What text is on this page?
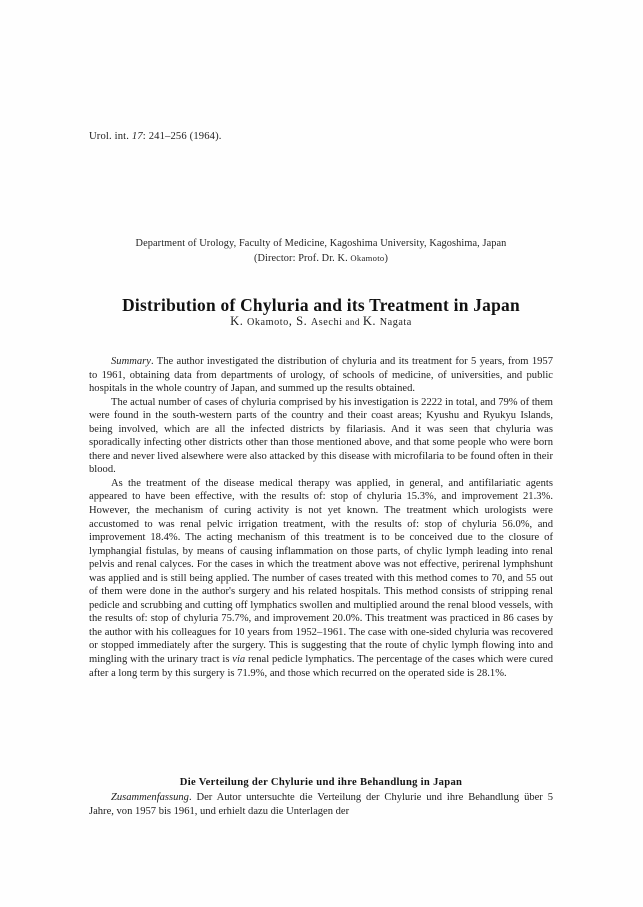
Urol. int. 17: 241–256 (1964).
Department of Urology, Faculty of Medicine, Kagoshima University, Kagoshima, Japan
(Director: Prof. Dr. K. Okamoto)
Distribution of Chyluria and its Treatment in Japan
K. Okamoto, S. Asechi and K. Nagata

Summary. The author investigated the distribution of chyluria and its treatment for 5 years, from 1957 to 1961, obtaining data from departments of urology, of schools of medicine, of universities, and public hospitals in the whole country of Japan, and summed up the results obtained.

The actual number of cases of chyluria comprised by his investigation is 2222 in total, and 79% of them were found in the south-western parts of the country and their coast areas; Kyushu and Ryukyu Islands, being involved, which are all the infected districts by filariasis. And it was seen that chyluria was sporadically infecting other districts other than those mentioned above, and that some people who were born there and never lived alsewhere were also attacked by this disease with microfilaria to be found often in their blood.

As the treatment of the disease medical therapy was applied, in general, and antifilariatic agents appeared to have been effective, with the results of: stop of chyluria 15.3%, and improvement 21.3%. However, the mechanism of curing activity is not yet known. The treatment which urologists were accustomed to was renal pelvic irrigation treatment, with the results of: stop of chyluria 56.0%, and improvement 18.4%. The acting mechanism of this treatment is to be conceived due to the closure of lymphangial fistulas, by means of causing inflammation on those parts, of chylic lymph leading into renal pelvis and renal calyces. For the cases in which the treatment above was not effective, perirenal lymphshunt was applied and is still being applied. The number of cases treated with this method comes to 70, and 55 out of them were done in the author's surgery and his related hospitals. This method consists of stripping renal pedicle and scrubbing and cutting off lymphatics swollen and multiplied around the renal blood vessels, with the results of: stop of chyluria 75.7%, and improvement 20.0%. This treatment was practiced in 86 cases by the author with his colleagues for 10 years from 1952–1961. The case with one-sided chyluria was recovered or stopped immediately after the surgery. This is suggesting that the route of chylic lymph flowing into and mingling with the urinary tract is via renal pedicle lymphatics. The percentage of the cases which were cured after a long term by this surgery is 71.9%, and those which recurred on the operated side is 28.1%.

Die Verteilung der Chylurie und ihre Behandlung in Japan

Zusammenfassung. Der Autor untersuchte die Verteilung der Chylurie und ihre Behandlung über 5 Jahre, von 1957 bis 1961, und erhielt dazu die Unterlagen der
